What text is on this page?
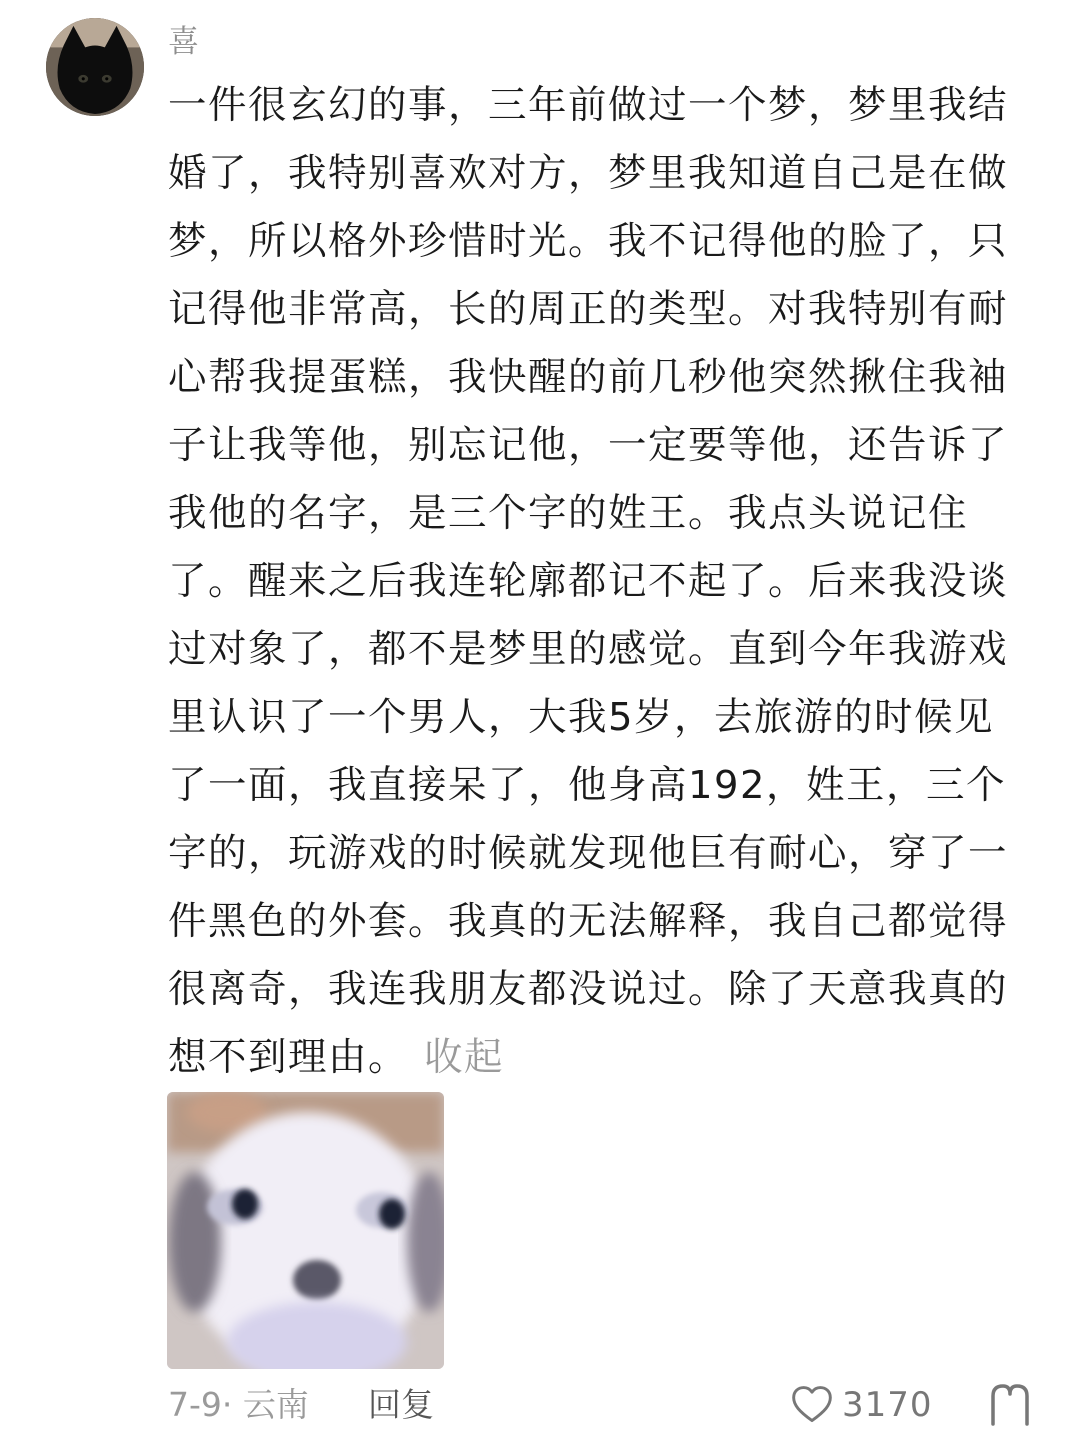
喜
一件很玄幻的事，三年前做过一个梦，梦里我结婚了，我特别喜欢对方，梦里我知道自己是在做梦，所以格外珍惜时光。我不记得他的脸了，只记得他非常高，长的周正的类型。对我特别有耐心帮我提蛋糕，我快醒的前几秒他突然揪住我袖子让我等他，别忘记他，一定要等他，还告诉了我他的名字，是三个字的姓王。我点头说记住了。醒来之后我连轮廓都记不起了。后来我没谈过对象了，都不是梦里的感觉。直到今年我游戏里认识了一个男人，大我5岁，去旅游的时候见了一面，我直接呆了，他身高192，姓王，三个字的，玩游戏的时候就发现他巨有耐心，穿了一件黑色的外套。我真的无法解释，我自己都觉得很离奇，我连我朋友都没说过。除了天意我真的想不到理由。 收起
7-9· 云南 回复	3170
